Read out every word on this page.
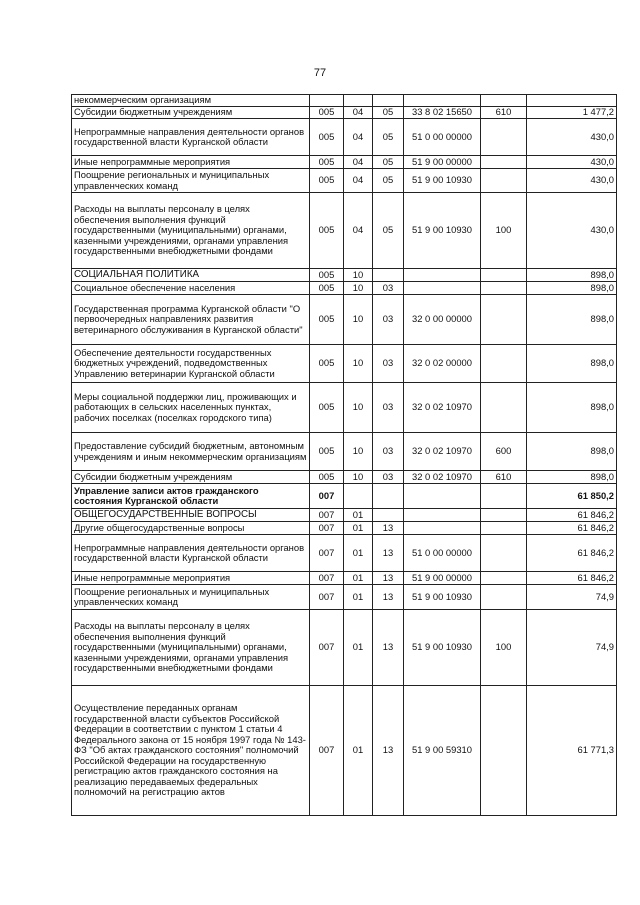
77
некоммерческим организациям						
Субсидии бюджетным учреждениям	005	04	05	33 8 02 15650	610	1 477,2
Непрограммные направления деятельности органов государственной власти Курганской области	005	04	05	51 0 00 00000		430,0
Иные непрограммные мероприятия	005	04	05	51 9 00 00000		430,0
Поощрение региональных и муниципальных управленческих команд	005	04	05	51 9 00 10930		430,0
Расходы на выплаты персоналу в целях обеспечения выполнения функций государственными (муниципальными) органами, казенными учреждениями, органами управления государственными внебюджетными фондами	005	04	05	51 9 00 10930	100	430,0
СОЦИАЛЬНАЯ ПОЛИТИКА	005	10				898,0
Социальное обеспечение населения	005	10	03			898,0
Государственная программа Курганской области "О первоочередных направлениях развития ветеринарного обслуживания в Курганской области"	005	10	03	32 0 00 00000		898,0
Обеспечение деятельности государственных бюджетных учреждений, подведомственных Управлению ветеринарии Курганской области	005	10	03	32 0 02 00000		898,0
Меры социальной поддержки лиц, проживающих и работающих в сельских населенных пунктах, рабочих поселках (поселках городского типа)	005	10	03	32 0 02 10970		898,0
Предоставление субсидий бюджетным, автономным учреждениям и иным некоммерческим организациям	005	10	03	32 0 02 10970	600	898,0
Субсидии бюджетным учреждениям	005	10	03	32 0 02 10970	610	898,0
Управление записи актов гражданского состояния Курганской области	007					61 850,2
ОБЩЕГОСУДАРСТВЕННЫЕ ВОПРОСЫ	007	01				61 846,2
Другие общегосударственные вопросы	007	01	13			61 846,2
Непрограммные направления деятельности органов государственной власти Курганской области	007	01	13	51 0 00 00000		61 846,2
Иные непрограммные мероприятия	007	01	13	51 9 00 00000		61 846,2
Поощрение региональных и муниципальных управленческих команд	007	01	13	51 9 00 10930		74,9
Расходы на выплаты персоналу в целях обеспечения выполнения функций государственными (муниципальными) органами, казенными учреждениями, органами управления государственными внебюджетными фондами	007	01	13	51 9 00 10930	100	74,9
Осуществление переданных органам государственной власти субъектов Российской Федерации в соответствии с пунктом 1 статьи 4 Федерального закона от 15 ноября 1997 года № 143-ФЗ "Об актах гражданского состояния" полномочий Российской Федерации на государственную регистрацию актов гражданского состояния на реализацию передаваемых федеральных полномочий на регистрацию актов	007	01	13	51 9 00 59310		61 771,3
